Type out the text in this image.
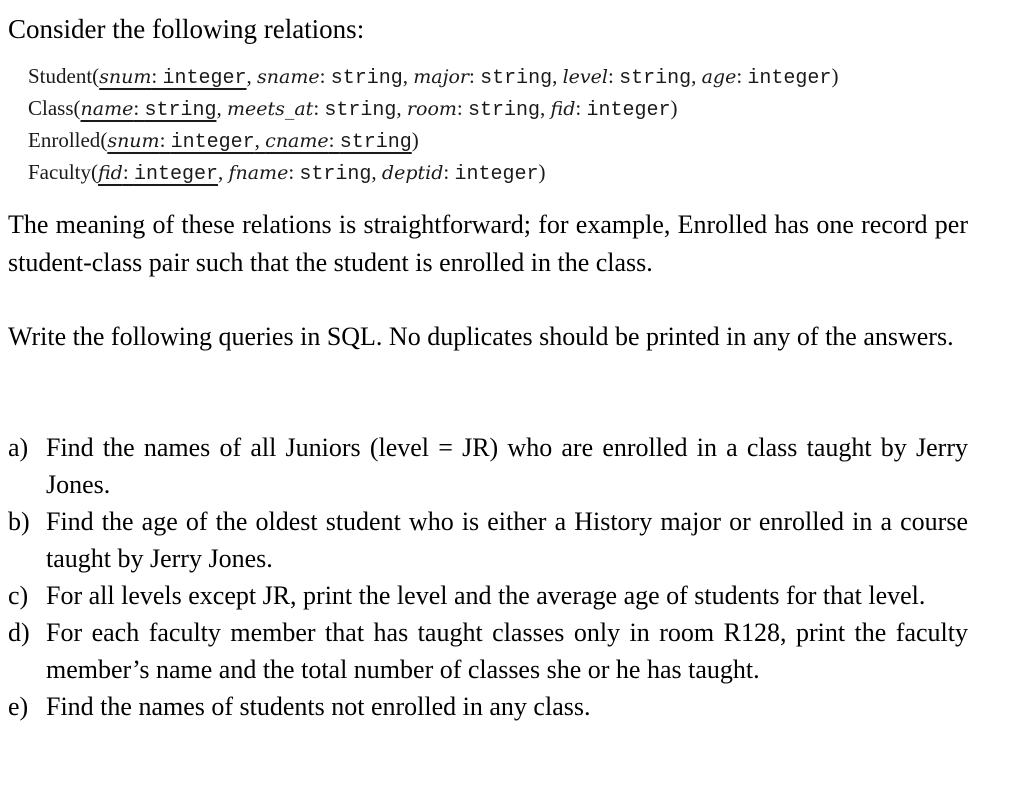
Consider the following relations:
Student(snum: integer, sname: string, major: string, level: string, age: integer)
Class(name: string, meets_at: string, room: string, fid: integer)
Enrolled(snum: integer, cname: string)
Faculty(fid: integer, fname: string, deptid: integer)

The meaning of these relations is straightforward; for example, Enrolled has one record per student-class pair such that the student is enrolled in the class.

Write the following queries in SQL. No duplicates should be printed in any of the answers.

a) Find the names of all Juniors (level = JR) who are enrolled in a class taught by Jerry Jones.
b) Find the age of the oldest student who is either a History major or enrolled in a course taught by Jerry Jones.
c) For all levels except JR, print the level and the average age of students for that level.
d) For each faculty member that has taught classes only in room R128, print the faculty member’s name and the total number of classes she or he has taught.
e) Find the names of students not enrolled in any class.
